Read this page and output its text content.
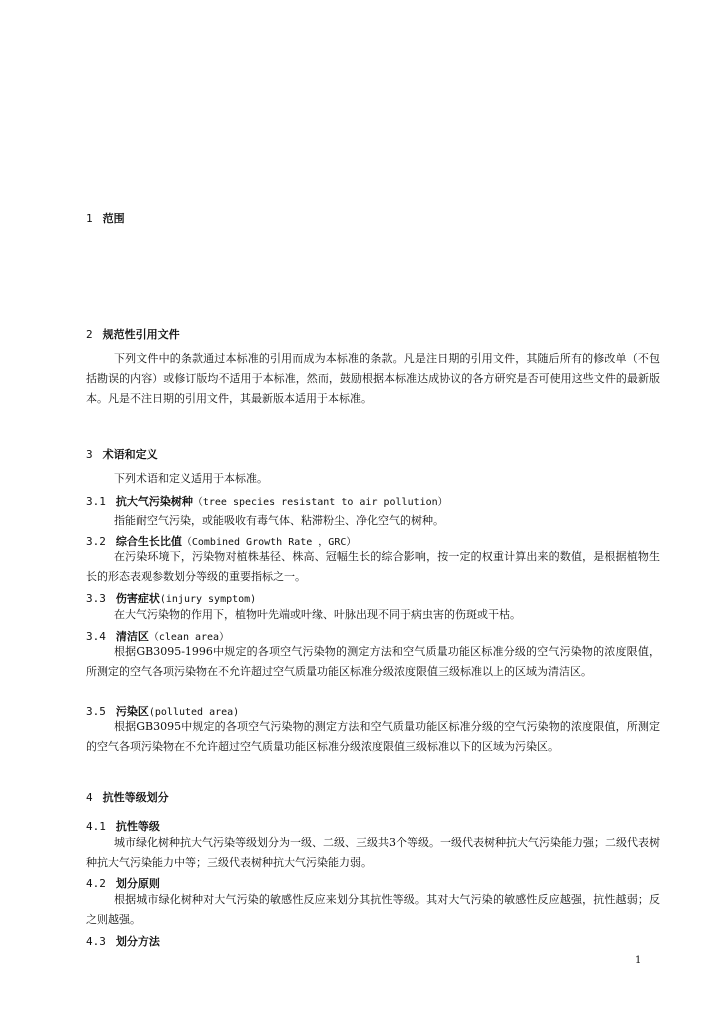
1 范围
2 规范性引用文件
下列文件中的条款通过本标准的引用而成为本标准的条款。凡是注日期的引用文件，其随后所有的修改单（不包括勘误的内容）或修订版均不适用于本标准，然而，鼓励根据本标准达成协议的各方研究是否可使用这些文件的最新版本。凡是不注日期的引用文件，其最新版本适用于本标准。
3 术语和定义
下列术语和定义适用于本标准。
3.1 抗大气污染树种（tree species resistant to air pollution）
指能耐空气污染，或能吸收有毒气体、粘滞粉尘、净化空气的树种。
3.2 综合生长比值（Combined Growth Rate ，GRC）
在污染环境下，污染物对植株基径、株高、冠幅生长的综合影响，按一定的权重计算出来的数值，是根据植物生长的形态表观参数划分等级的重要指标之一。
3.3 伤害症状(injury symptom)
在大气污染物的作用下，植物叶先端或叶缘、叶脉出现不同于病虫害的伤斑或干枯。
3.4 清洁区（clean area）
根据GB3095-1996中规定的各项空气污染物的测定方法和空气质量功能区标准分级的空气污染物的浓度限值，所测定的空气各项污染物在不允许超过空气质量功能区标准分级浓度限值三级标准以上的区域为清洁区。
3.5 污染区(polluted area)
根据GB3095中规定的各项空气污染物的测定方法和空气质量功能区标准分级的空气污染物的浓度限值，所测定的空气各项污染物在不允许超过空气质量功能区标准分级浓度限值三级标准以下的区域为污染区。
4 抗性等级划分
4.1 抗性等级
城市绿化树种抗大气污染等级划分为一级、二级、三级共3个等级。一级代表树种抗大气污染能力强；二级代表树种抗大气污染能力中等；三级代表树种抗大气污染能力弱。
4.2 划分原则
根据城市绿化树种对大气污染的敏感性反应来划分其抗性等级。其对大气污染的敏感性反应越强，抗性越弱；反之则越强。
4.3 划分方法
1
